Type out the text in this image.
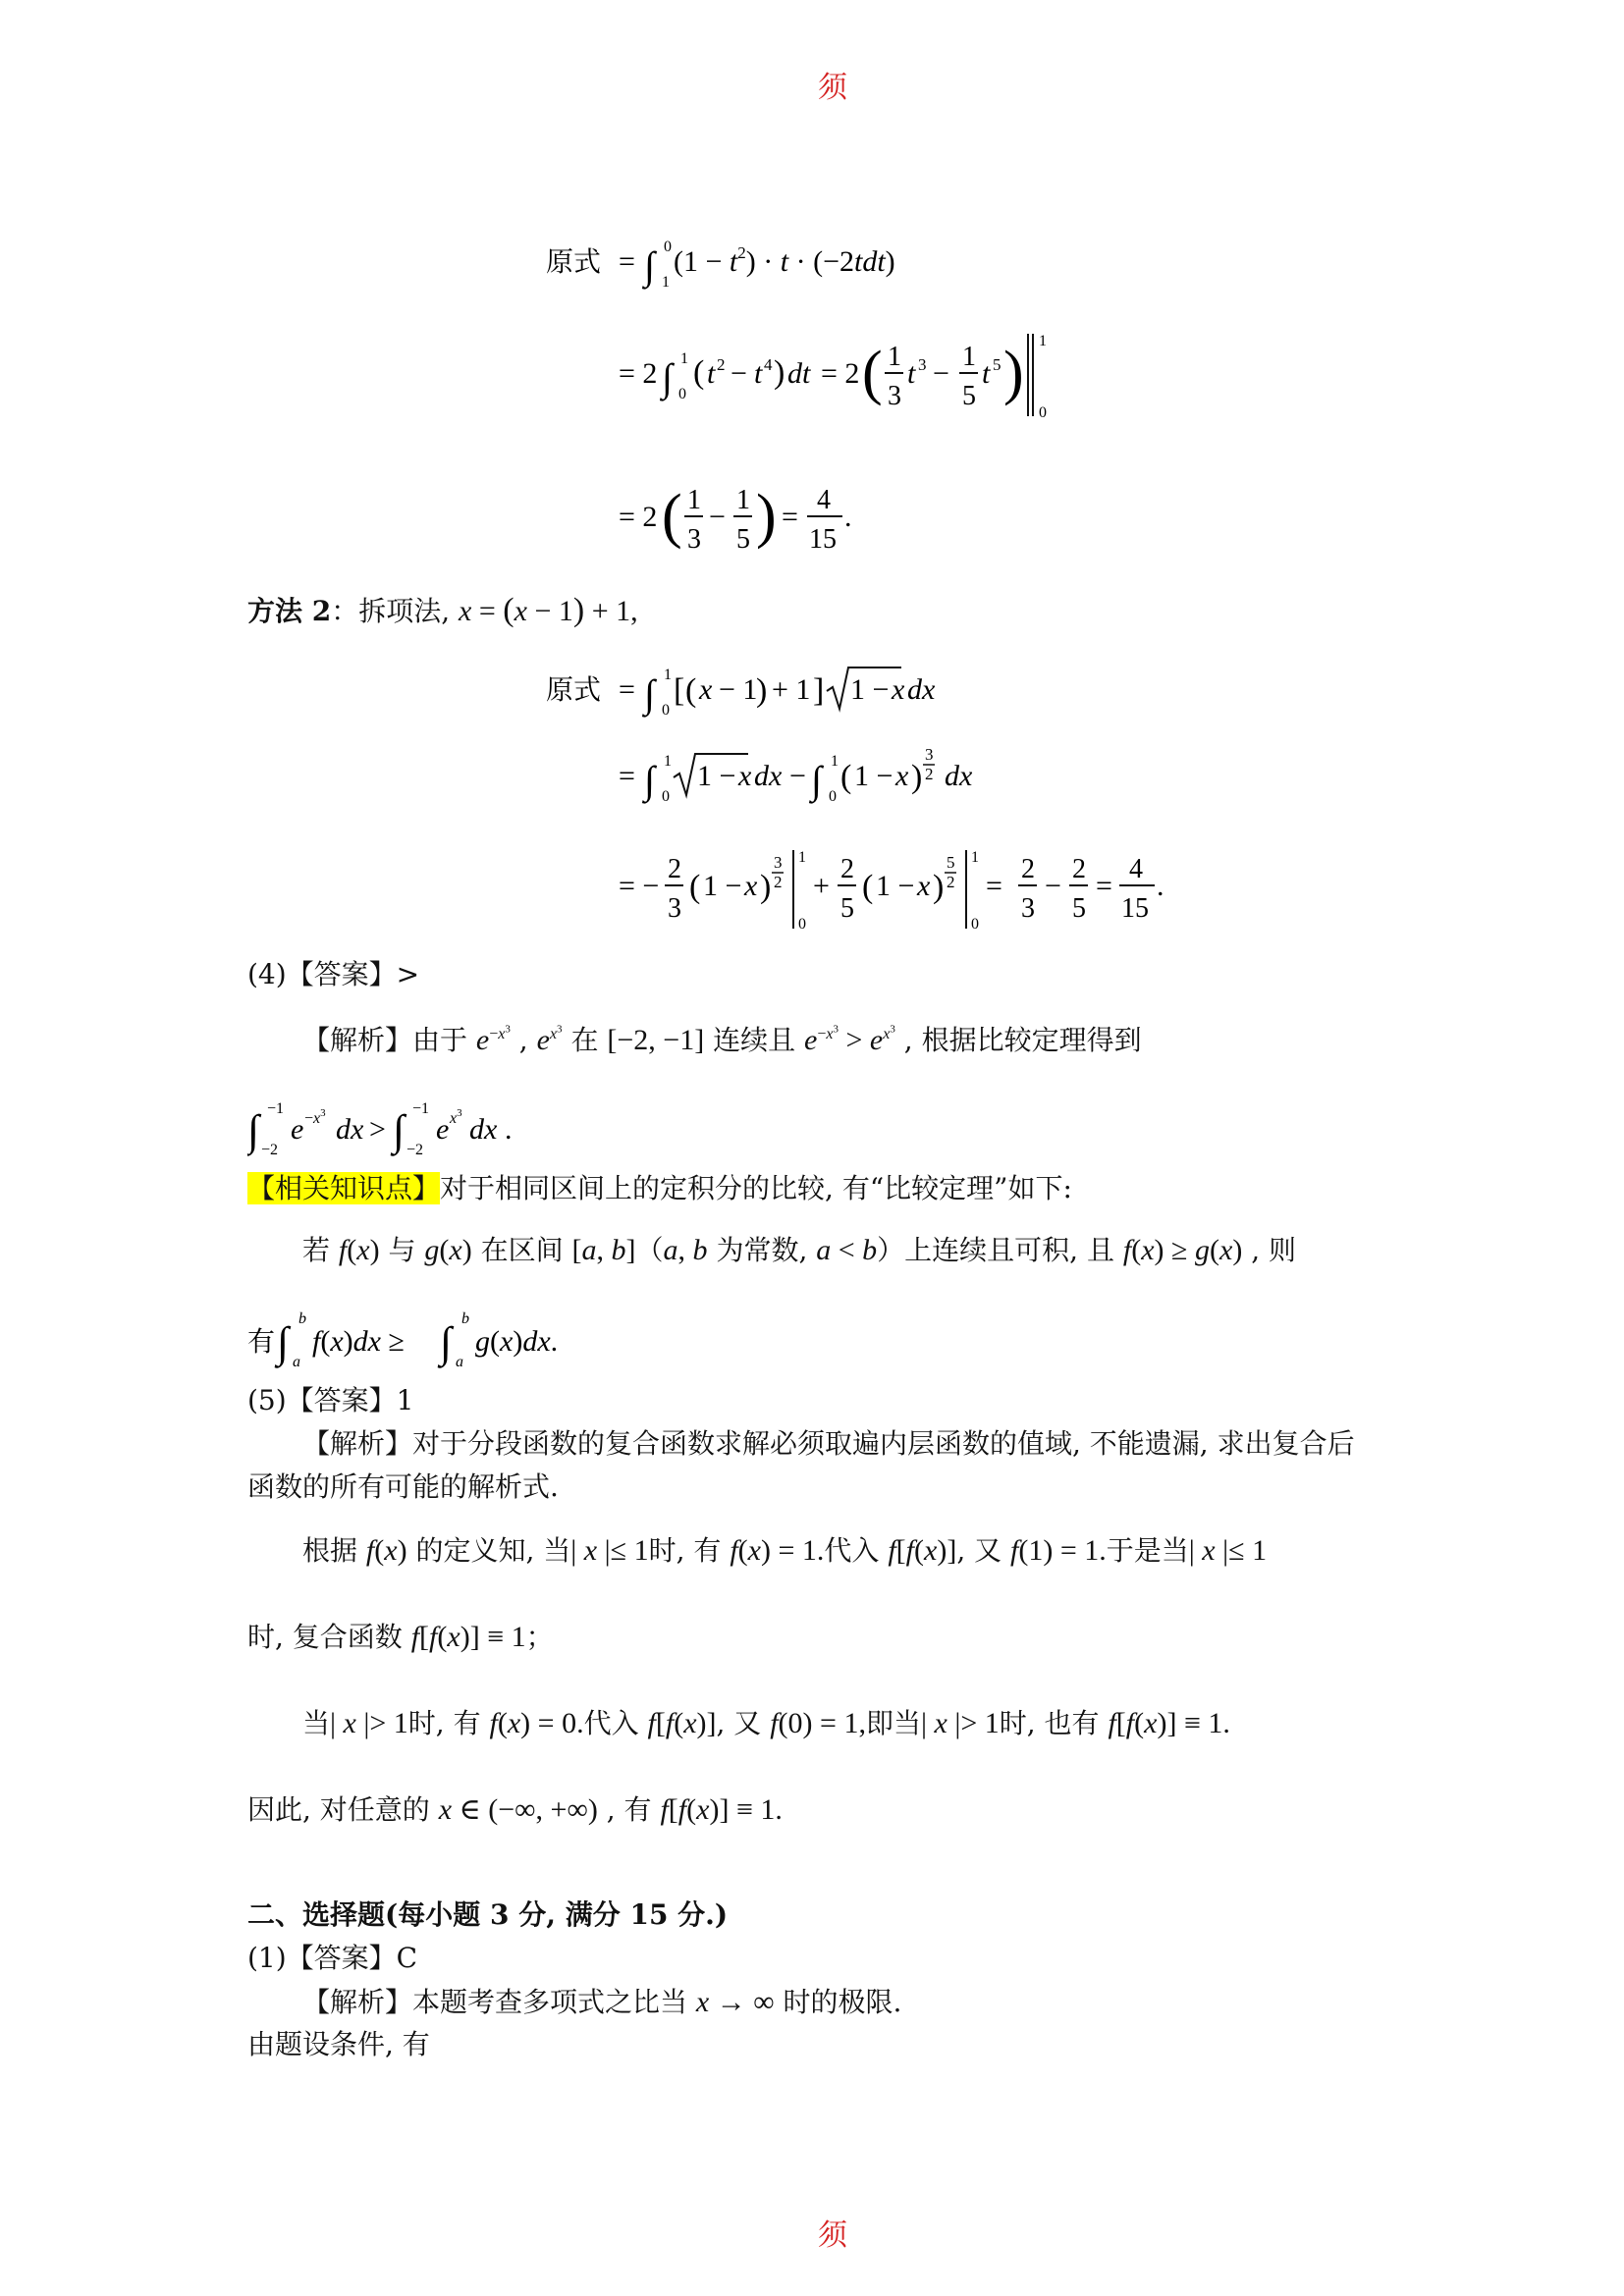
须
须
原式 = ∫ 0
1
$(1 - t^2) \cdot t \cdot (-2tdt)$
= 2 ∫ 1
0
( t 2 − t 4 ) dt = 2 ( 1
3
t 3 −
1
5
t 5 ) 1
0
= 2 ( 1
3
−
1
5 ) =
4
15
.
方法 2：拆项法, x = (x − 1) + 1,
原式 = ∫ 1
0
[ ( x − 1
) + 1 ] 1 − x dx
= ∫ 1
0
1 − x dx − ∫ 1
0
( 1 − x )
3
2 dx
= −
2
3
( 1 − x )
3
2
1
0
+
2
5
( 1 − x )
5
2
1
0
=
2
3
−
2
5
=
4
15
.
(4)【答案】>
【解析】由于 $e^{-x^3}$ , $e^{x^3}$ 在 [−2, −1] 连续且 $e^{-x^3} > e^{x^3}$ , 根据比较定理得到
∫ −1
−2
$e -x^3$ dx > ∫ −1
−2
e $x^3$ dx .
【相关知识点】对于相同区间上的定积分的比较, 有“比较定理”如下:
若 f(x) 与 g(x) 在区间 [a, b]（a, b 为常数, a < b）上连续且可积, 且 f(x) ≥ g(x) , 则
有 ∫ b
a
f(x)dx ≥ ∫ b
a
g(x)dx.
(5)【答案】1
【解析】对于分段函数的复合函数求解必须取遍内层函数的值域, 不能遗漏, 求出复合后
函数的所有可能的解析式.
根据 f(x) 的定义知, 当| x |≤ 1时, 有 f(x) = 1.代入 f[f(x)], 又 f(1) = 1.于是当| x |≤ 1
时, 复合函数 f[f(x)] ≡ 1；
当| x |> 1时, 有 f(x) = 0.代入 f[f(x)], 又 f(0) = 1,即当| x |> 1时, 也有 f[f(x)] ≡ 1.
因此, 对任意的 x ∈ (−∞, +∞) , 有 f[f(x)] ≡ 1.
二、选择题(每小题 3 分, 满分 15 分.)
(1)【答案】C
【解析】本题考查多项式之比当 x → ∞ 时的极限.
由题设条件, 有
